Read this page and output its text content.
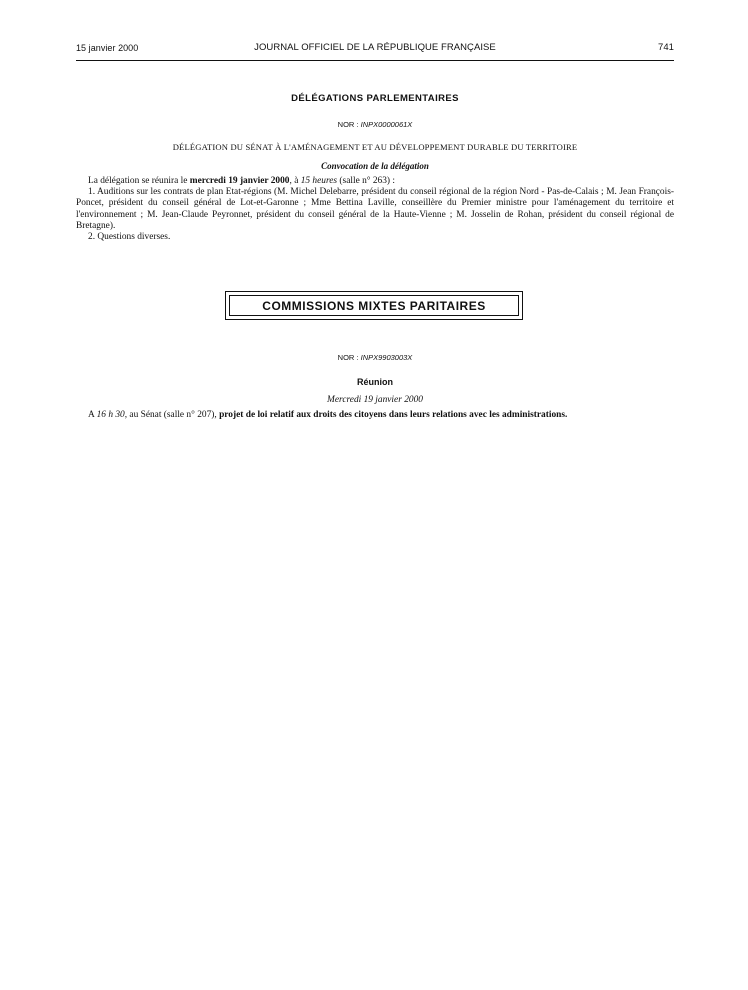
15 janvier 2000	JOURNAL OFFICIEL DE LA RÉPUBLIQUE FRANÇAISE	741
DÉLÉGATIONS PARLEMENTAIRES
NOR : INPX0000061X
DÉLÉGATION DU SÉNAT À L'AMÉNAGEMENT ET AU DÉVELOPPEMENT DURABLE DU TERRITOIRE
Convocation de la délégation

La délégation se réunira le mercredi 19 janvier 2000, à 15 heures (salle n° 263) :

1. Auditions sur les contrats de plan Etat-régions (M. Michel Delebarre, président du conseil régional de la région Nord - Pas-de-Calais ; M. Jean François-Poncet, président du conseil général de Lot-et-Garonne ; Mme Bettina Laville, conseillère du Premier ministre pour l'aménagement du territoire et l'environnement ; M. Jean-Claude Peyronnet, président du conseil général de la Haute-Vienne ; M. Josselin de Rohan, président du conseil régional de Bretagne).

2. Questions diverses.

COMMISSIONS MIXTES PARITAIRES
NOR : INPX9903003X
Réunion
Mercredi 19 janvier 2000

A 16 h 30, au Sénat (salle n° 207), projet de loi relatif aux droits des citoyens dans leurs relations avec les administrations.
